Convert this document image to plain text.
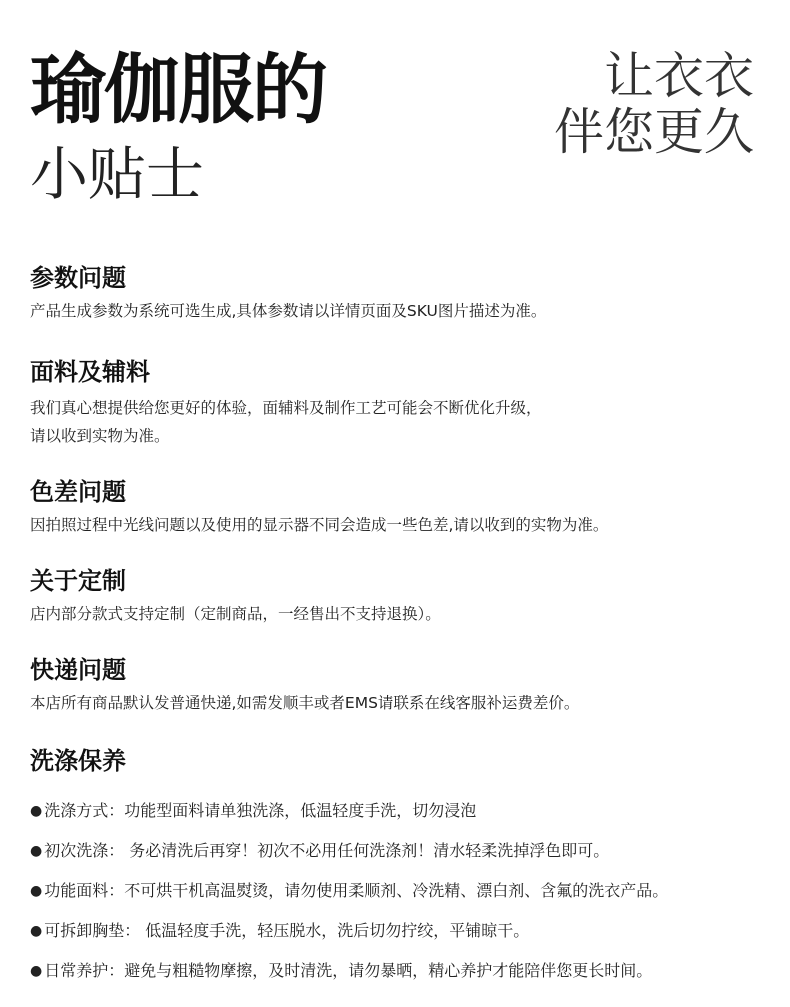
瑜伽服的
小贴士
让衣衣
伴您更久
参数问题
产品生成参数为系统可选生成,具体参数请以详情页面及SKU图片描述为准。
面料及辅料
我们真心想提供给您更好的体验，面辅料及制作工艺可能会不断优化升级，
请以收到实物为准。
色差问题
因拍照过程中光线问题以及使用的显示器不同会造成一些色差,请以收到的实物为准。
关于定制
店内部分款式支持定制（定制商品，一经售出不支持退换）。
快递问题
本店所有商品默认发普通快递,如需发顺丰或者EMS请联系在线客服补运费差价。
洗涤保养
● 洗涤方式：功能型面料请单独洗涤，低温轻度手洗，切勿浸泡
● 初次洗涤： 务必清洗后再穿！初次不必用任何洗涤剂！清水轻柔洗掉浮色即可。
● 功能面料：不可烘干机高温熨烫，请勿使用柔顺剂、冷洗精、漂白剂、含氟的洗衣产品。
● 可拆卸胸垫： 低温轻度手洗，轻压脱水，洗后切勿拧绞，平铺晾干。
● 日常养护：避免与粗糙物摩擦，及时清洗，请勿暴晒，精心养护才能陪伴您更长时间。
